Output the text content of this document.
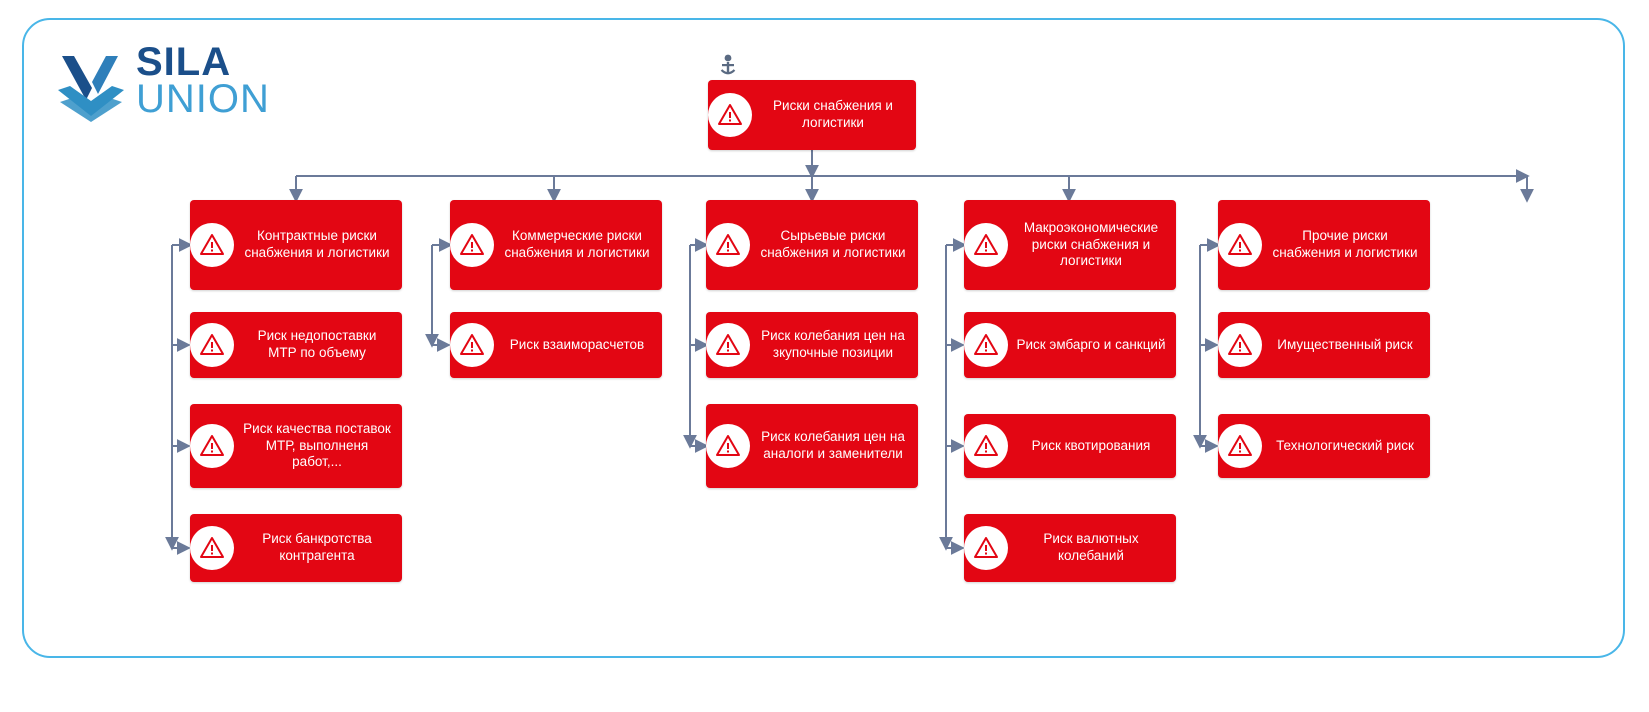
SILA
UNION	Риски снабжения и логистики
Контрактные риски снабжения и логистики
Риск недопоставки МТР по объему
Риск качества поставок МТР, выполненя работ,...
Риск банкротства контрагента
Коммерческие риски снабжения и логистики
Риск взаиморасчетов
Сырьевые риски снабжения и логистики
Риск колебания цен на зкупочные позиции
Риск колебания цен на аналоги и заменители
Макроэкономические риски снабжения и логистики
Риск эмбарго и санкций
Риск квотирования
Риск валютных колебаний
Прочие риски снабжения и логистики
Имущественный риск
Технологический риск
